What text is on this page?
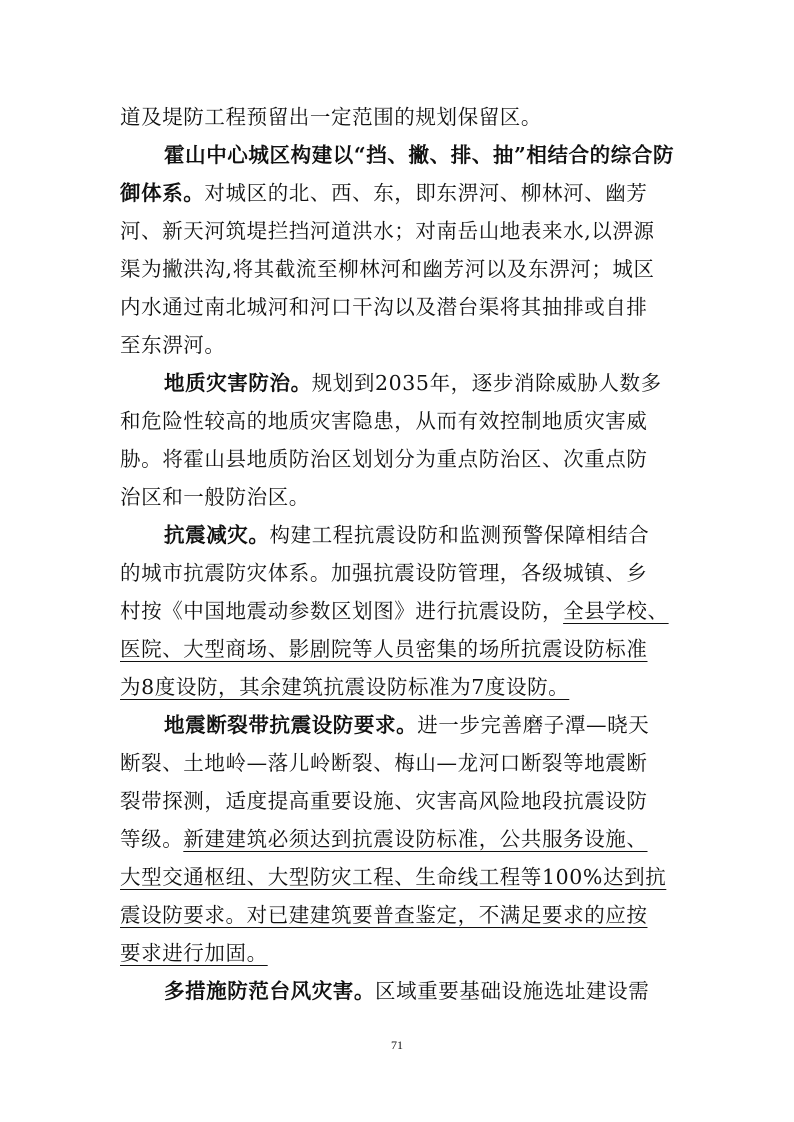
道及堤防工程预留出一定范围的规划保留区。
霍山中心城区构建以“挡、撇、排、抽”相结合的综合防
御体系。对城区的北、西、东，即东淠河、柳林河、幽芳
河、新天河筑堤拦挡河道洪水；对南岳山地表来水,以淠源
渠为撇洪沟,将其截流至柳林河和幽芳河以及东淠河；城区
内水通过南北城河和河口干沟以及潜台渠将其抽排或自排
至东淠河。
地质灾害防治。规划到2035年，逐步消除威胁人数多
和危险性较高的地质灾害隐患，从而有效控制地质灾害威
胁。将霍山县地质防治区划划分为重点防治区、次重点防
治区和一般防治区。
抗震减灾。构建工程抗震设防和监测预警保障相结合
的城市抗震防灾体系。加强抗震设防管理，各级城镇、乡
村按《中国地震动参数区划图》进行抗震设防，全县学校、
医院、大型商场、影剧院等人员密集的场所抗震设防标准
为8度设防，其余建筑抗震设防标准为7度设防。
地震断裂带抗震设防要求。进一步完善磨子潭—晓天
断裂、土地岭—落儿岭断裂、梅山—龙河口断裂等地震断
裂带探测，适度提高重要设施、灾害高风险地段抗震设防
等级。新建建筑必须达到抗震设防标准，公共服务设施、
大型交通枢纽、大型防灾工程、生命线工程等100%达到抗
震设防要求。对已建建筑要普查鉴定，不满足要求的应按
要求进行加固。
多措施防范台风灾害。区域重要基础设施选址建设需
71
